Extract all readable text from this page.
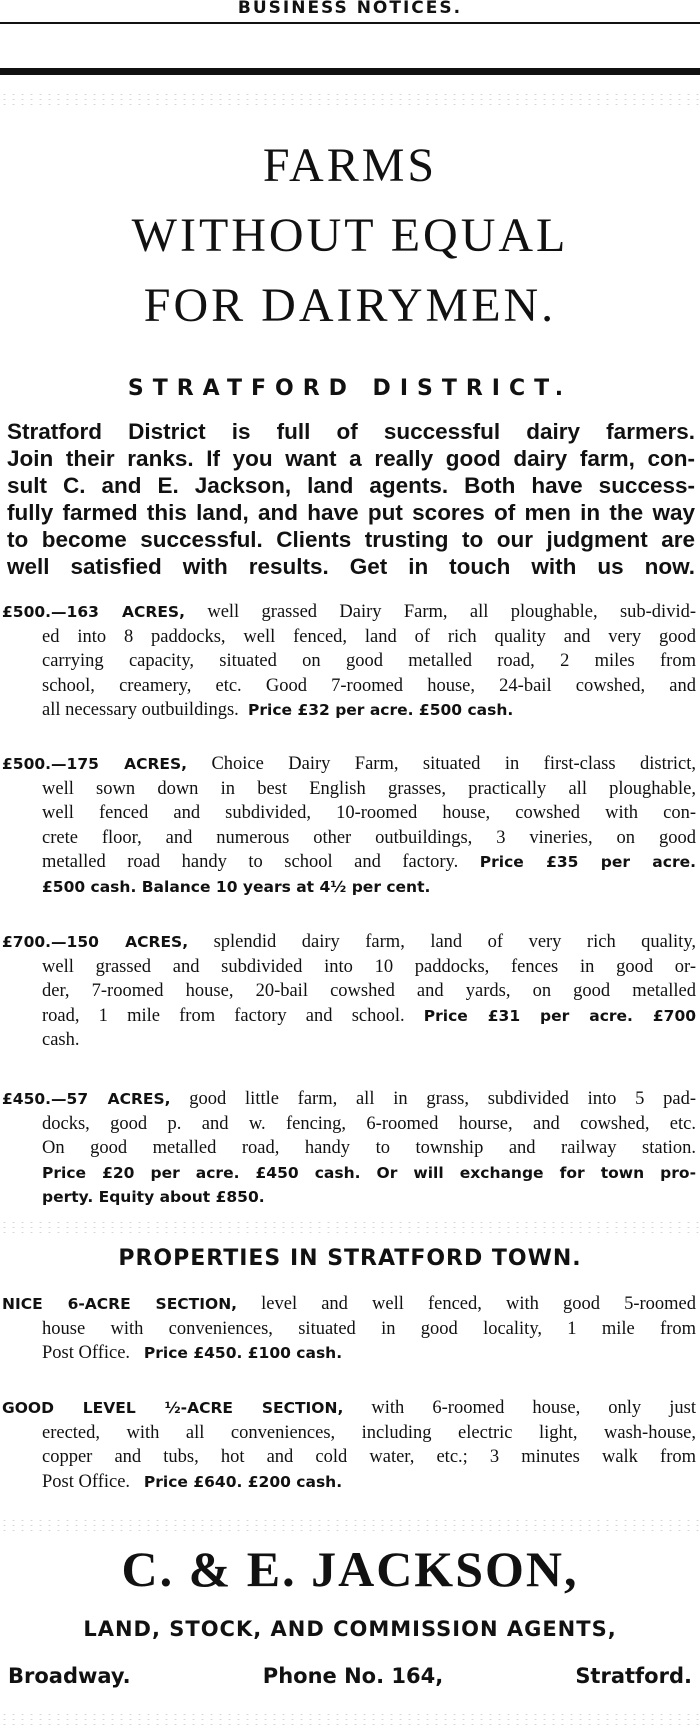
BUSINESS NOTICES.
FARMS
WITHOUT EQUAL
FOR DAIRYMEN.
STRATFORD DISTRICT.
Stratford District is full of successful dairy farmers.
Join their ranks. If you want a really good dairy farm, con-
sult C. and E. Jackson, land agents. Both have success-
fully farmed this land, and have put scores of men in the way
to become successful. Clients trusting to our judgment are
well satisfied with results. Get in touch with us now.
£500.—163 ACRES, well grassed Dairy Farm, all ploughable, sub-divid-
ed into 8 paddocks, well fenced, land of rich quality and very good
carrying capacity, situated on good metalled road, 2 miles from
school, creamery, etc. Good 7-roomed house, 24-bail cowshed, and
all necessary outbuildings. Price £32 per acre. £500 cash.
£500.—175 ACRES, Choice Dairy Farm, situated in first-class district,
well sown down in best English grasses, practically all ploughable,
well fenced and subdivided, 10-roomed house, cowshed with con-
crete floor, and numerous other outbuildings, 3 vineries, on good
metalled road handy to school and factory. Price £35 per acre.
£500 cash. Balance 10 years at 4½ per cent.
£700.—150 ACRES, splendid dairy farm, land of very rich quality,
well grassed and subdivided into 10 paddocks, fences in good or-
der, 7-roomed house, 20-bail cowshed and yards, on good metalled
road, 1 mile from factory and school. Price £31 per acre. £700
cash.
£450.—57 ACRES, good little farm, all in grass, subdivided into 5 pad-
docks, good p. and w. fencing, 6-roomed hourse, and cowshed, etc.
On good metalled road, handy to township and railway station.
Price £20 per acre. £450 cash. Or will exchange for town pro-
perty. Equity about £850.
PROPERTIES IN STRATFORD TOWN.
NICE 6-ACRE SECTION, level and well fenced, with good 5-roomed
house with conveniences, situated in good locality, 1 mile from
Post Office. Price £450. £100 cash.
GOOD LEVEL ½-ACRE SECTION, with 6-roomed house, only just
erected, with all conveniences, including electric light, wash-house,
copper and tubs, hot and cold water, etc.; 3 minutes walk from
Post Office. Price £640. £200 cash.
C. & E. JACKSON,
LAND, STOCK, AND COMMISSION AGENTS,
Broadway.	Phone No. 164,	Stratford.
